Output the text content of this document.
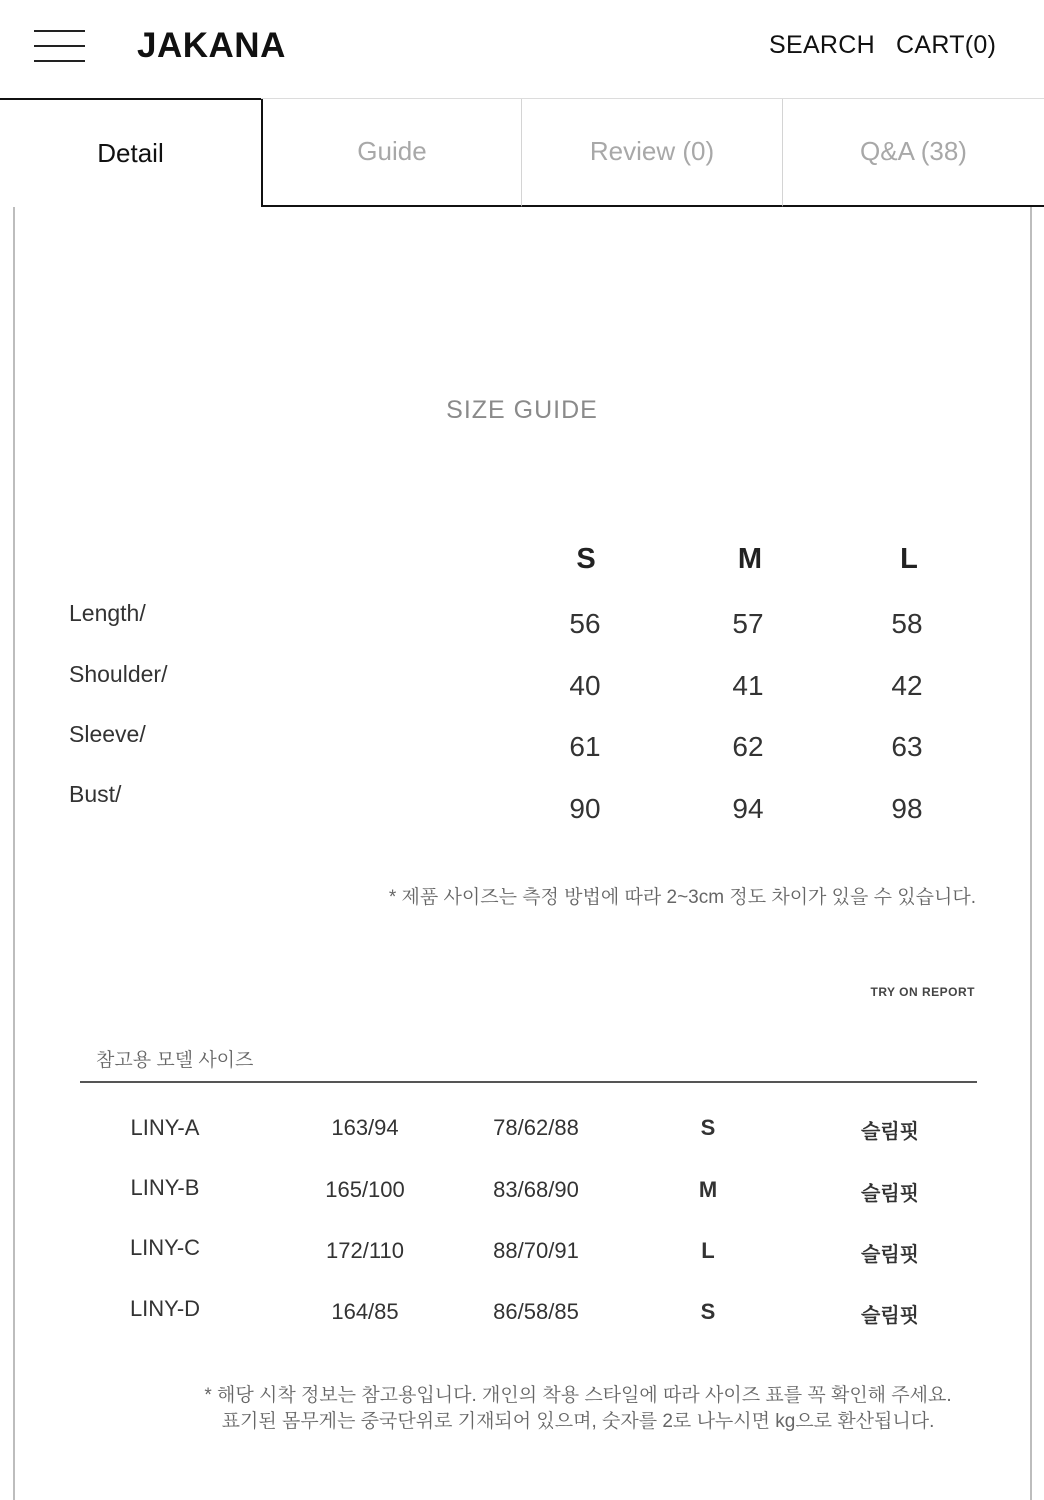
JAKANA	SEARCH CART(0)
Detail	Guide	Review (0)	Q&A (38)
SIZE GUIDE
S	M	L
Length/	56	57	58
Shoulder/	40	41	42
Sleeve/	61	62	63
Bust/	90	94	98
* 제품 사이즈는 측정 방법에 따라 2~3cm 정도 차이가 있을 수 있습니다.
TRY ON REPORT
참고용 모델 사이즈
LINY-A	163/94	78/62/88	S	슬림핏
LINY-B	165/100	83/68/90	M	슬림핏
LINY-C	172/110	88/70/91	L	슬림핏
LINY-D	164/85	86/58/85	S	슬림핏
* 해당 시착 정보는 참고용입니다. 개인의 착용 스타일에 따라 사이즈 표를 꼭 확인해 주세요.
표기된 몸무게는 중국단위로 기재되어 있으며, 숫자를 2로 나누시면 kg으로 환산됩니다.
